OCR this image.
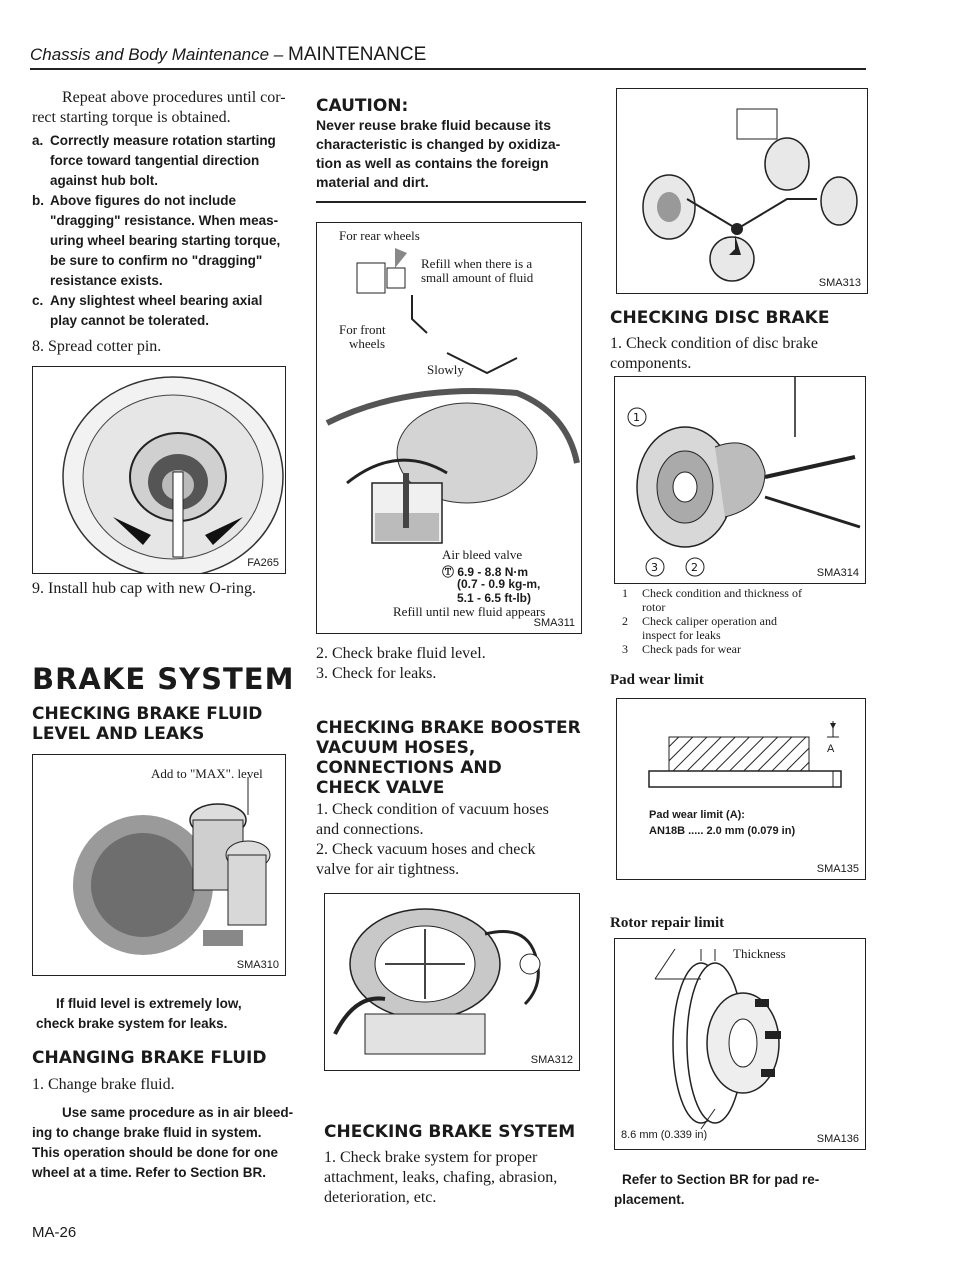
Chassis and Body Maintenance – MAINTENANCE

Repeat above procedures until cor-

rect starting torque is obtained.

a. Correctly measure rotation starting

force toward tangential direction

against hub bolt.

b. Above figures do not include

"dragging" resistance. When meas-

uring wheel bearing starting torque,

be sure to confirm no "dragging"

resistance exists.

c. Any slightest wheel bearing axial

play cannot be tolerated.

8. Spread cotter pin.

FA265

9. Install hub cap with new O-ring.

BRAKE SYSTEM

CHECKING BRAKE FLUID

LEVEL AND LEAKS

Add to "MAX". level
SMA310

If fluid level is extremely low,

check brake system for leaks.

CHANGING BRAKE FLUID

1. Change brake fluid.

Use same procedure as in air bleed-

ing to change brake fluid in system.

This operation should be done for one

wheel at a time. Refer to Section BR.

MA-26
CAUTION:

Never reuse brake fluid because its

characteristic is changed by oxidiza-

tion as well as contains the foreign

material and dirt.

For rear wheels
Refill when there is a
small amount of fluid
For front
wheels
Slowly
Air bleed valve
Ⓣ 6.9 - 8.8 N·m
(0.7 - 0.9 kg-m,
5.1 - 6.5 ft-lb)
Refill until new fluid appears
SMA311

2. Check brake fluid level.

3. Check for leaks.

CHECKING BRAKE BOOSTER

VACUUM HOSES,

CONNECTIONS AND

CHECK VALVE

1. Check condition of vacuum hoses

and connections.

2. Check vacuum hoses and check

valve for air tightness.

SMA312
CHECKING BRAKE SYSTEM

1. Check brake system for proper

attachment, leaks, chafing, abrasion,

deterioration, etc.

SMA313
CHECKING DISC BRAKE

1. Check condition of disc brake

components.

1
3	2	SMA314
1	Check condition and thickness of

rotor

2	Check caliper operation and

inspect for leaks

3	Check pads for wear

Pad wear limit
A
Pad wear limit (A):
AN18B ..... 2.0 mm (0.079 in)
SMA135
Rotor repair limit
Thickness
8.6 mm (0.339 in)	SMA136

Refer to Section BR for pad re-

placement.
